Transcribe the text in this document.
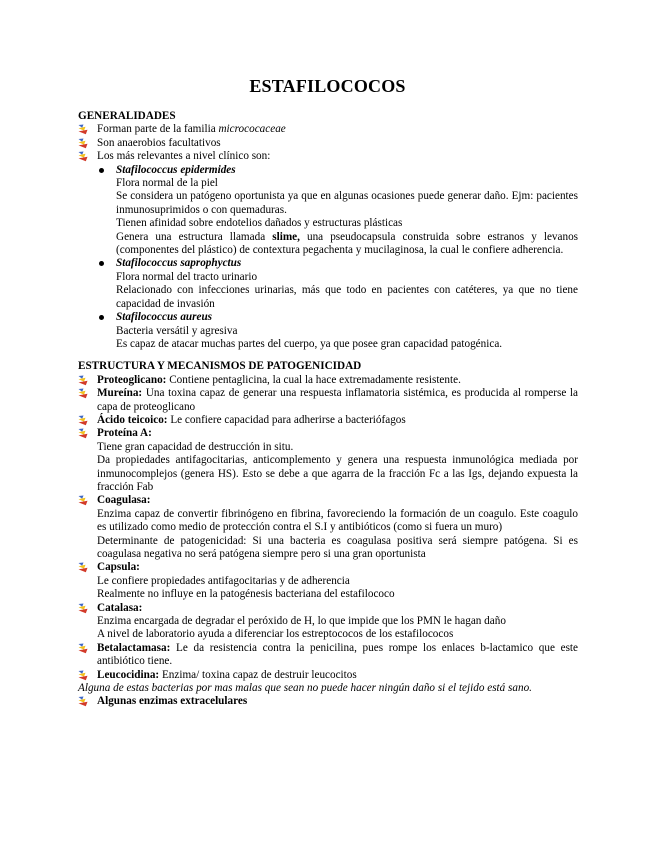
ESTAFILOCOCOS
GENERALIDADES
Forman parte de la familia micrococaceae
Son anaerobios facultativos
Los más relevantes a nivel clínico son:
Stafilococcus epidermides
Flora normal de la piel
Se considera un patógeno oportunista ya que en algunas ocasiones puede generar daño. Ejm: pacientes inmunosuprimidos o con quemaduras.
Tienen afinidad sobre endotelios dañados y estructuras plásticas
Genera una estructura llamada slime, una pseudocapsula construida sobre estranos y levanos (componentes del plástico) de contextura pegachenta y mucilaginosa, la cual le confiere adherencia.
Stafilococcus saprophyctus
Flora normal del tracto urinario
Relacionado con infecciones urinarias, más que todo en pacientes con catéteres, ya que no tiene capacidad de invasión
Stafilococcus aureus
Bacteria versátil y agresiva
Es capaz de atacar muchas partes del cuerpo, ya que posee gran capacidad patogénica.
ESTRUCTURA Y MECANISMOS DE PATOGENICIDAD
Proteoglicano: Contiene pentaglicina, la cual la hace extremadamente resistente.
Mureína: Una toxina capaz de generar una respuesta inflamatoria sistémica, es producida al romperse la capa de proteoglicano
Ácido teicoico: Le confiere capacidad para adherirse a bacteriófagos
Proteína A:
Tiene gran capacidad de destrucción in situ.
Da propiedades antifagocitarias, anticomplemento y genera una respuesta inmunológica mediada por inmunocomplejos (genera HS). Esto se debe a que agarra de la fracción Fc a las Igs, dejando expuesta la fracción Fab
Coagulasa:
Enzima capaz de convertir fibrinógeno en fibrina, favoreciendo la formación de un coagulo. Este coagulo es utilizado como medio de protección contra el S.I y antibióticos (como si fuera un muro)
Determinante de patogenicidad: Si una bacteria es coagulasa positiva será siempre patógena. Si es coagulasa negativa no será patógena siempre pero si una gran oportunista
Capsula:
Le confiere propiedades antifagocitarias y de adherencia
Realmente no influye en la patogénesis bacteriana del estafilococo
Catalasa:
Enzima encargada de degradar el peróxido de H, lo que impide que los PMN le hagan daño
A nivel de laboratorio ayuda a diferenciar los estreptococos de los estafilococos
Betalactamasa: Le da resistencia contra la penicilina, pues rompe los enlaces b-lactamico que este antibiótico tiene.
Leucocidina: Enzima/ toxina capaz de destruir leucocitos
Alguna de estas bacterias por mas malas que sean no puede hacer ningún daño si el tejido está sano.
Algunas enzimas extracelulares
